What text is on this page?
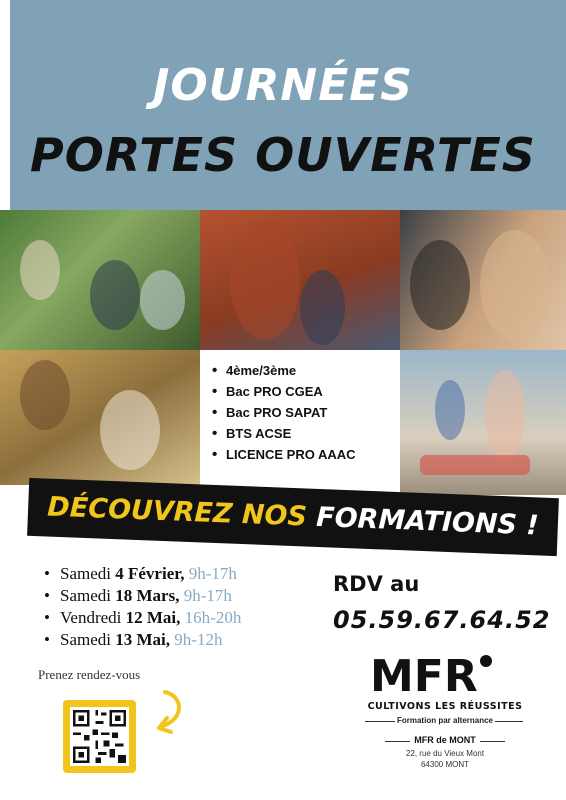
JOURNÉES
PORTES OUVERTES
• 4ème/3ème
• Bac PRO CGEA
• Bac PRO SAPAT
• BTS ACSE
• LICENCE PRO AAAC
DÉCOUVREZ NOS FORMATIONS !
• Samedi 4 Février, 9h-17h
• Samedi 18 Mars, 9h-17h
• Vendredi 12 Mai, 16h-20h
• Samedi 13 Mai, 9h-12h
RDV au
05.59.67.64.52
Prenez rendez-vous	MFR
CULTIVONS LES RÉUSSITES
Formation par alternance
MFR de MONT
22, rue du Vieux Mont
64300 MONT
